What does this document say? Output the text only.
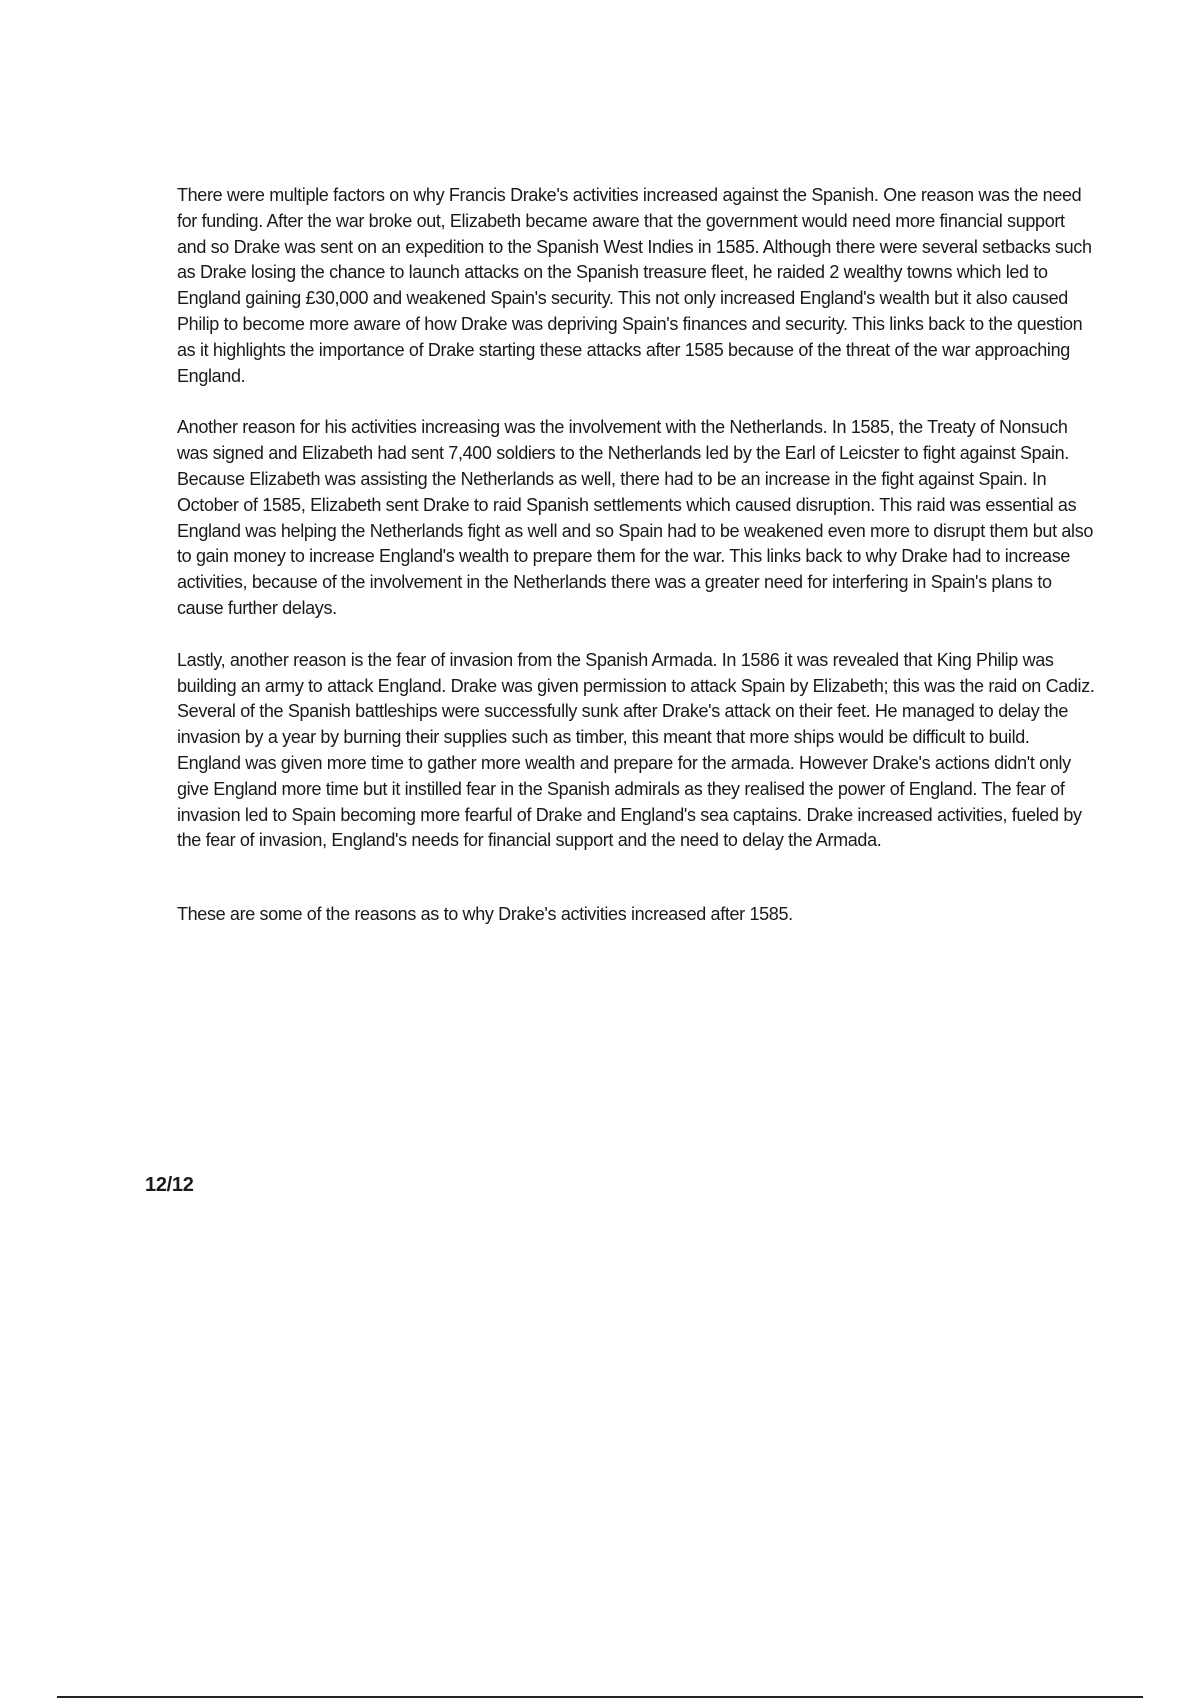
There were multiple factors on why Francis Drake's activities increased against the Spanish. One reason was the need for funding. After the war broke out, Elizabeth became aware that the government would need more financial support and so Drake was sent on an expedition to the Spanish West Indies in 1585. Although there were several setbacks such as Drake losing the chance to launch attacks on the Spanish treasure fleet, he raided 2 wealthy towns which led to England gaining £30,000 and weakened Spain's security. This not only increased England's wealth but it also caused Philip to become more aware of how Drake was depriving Spain's finances and security. This links back to the question as it highlights the importance of Drake starting these attacks after 1585 because of the threat of the war approaching England.

Another reason for his activities increasing was the involvement with the Netherlands. In 1585, the Treaty of Nonsuch was signed and Elizabeth had sent 7,400 soldiers to the Netherlands led by the Earl of Leicster to fight against Spain. Because Elizabeth was assisting the Netherlands as well, there had to be an increase in the fight against Spain. In October of 1585, Elizabeth sent Drake to raid Spanish settlements which caused disruption. This raid was essential as England was helping the Netherlands fight as well and so Spain had to be weakened even more to disrupt them but also to gain money to increase England's wealth to prepare them for the war. This links back to why Drake had to increase activities, because of the involvement in the Netherlands there was a greater need for interfering in Spain's plans to cause further delays.

Lastly, another reason is the fear of invasion from the Spanish Armada. In 1586 it was revealed that King Philip was building an army to attack England. Drake was given permission to attack Spain by Elizabeth; this was the raid on Cadiz. Several of the Spanish battleships were successfully sunk after Drake's attack on their feet. He managed to delay the invasion by a year by burning their supplies such as timber, this meant that more ships would be difficult to build. England was given more time to gather more wealth and prepare for the armada. However Drake's actions didn't only give England more time but it instilled fear in the Spanish admirals as they realised the power of England. The fear of invasion led to Spain becoming more fearful of Drake and England's sea captains. Drake increased activities, fueled by the fear of invasion, England's needs for financial support and the need to delay the Armada.

These are some of the reasons as to why Drake's activities increased after 1585.

12/12
